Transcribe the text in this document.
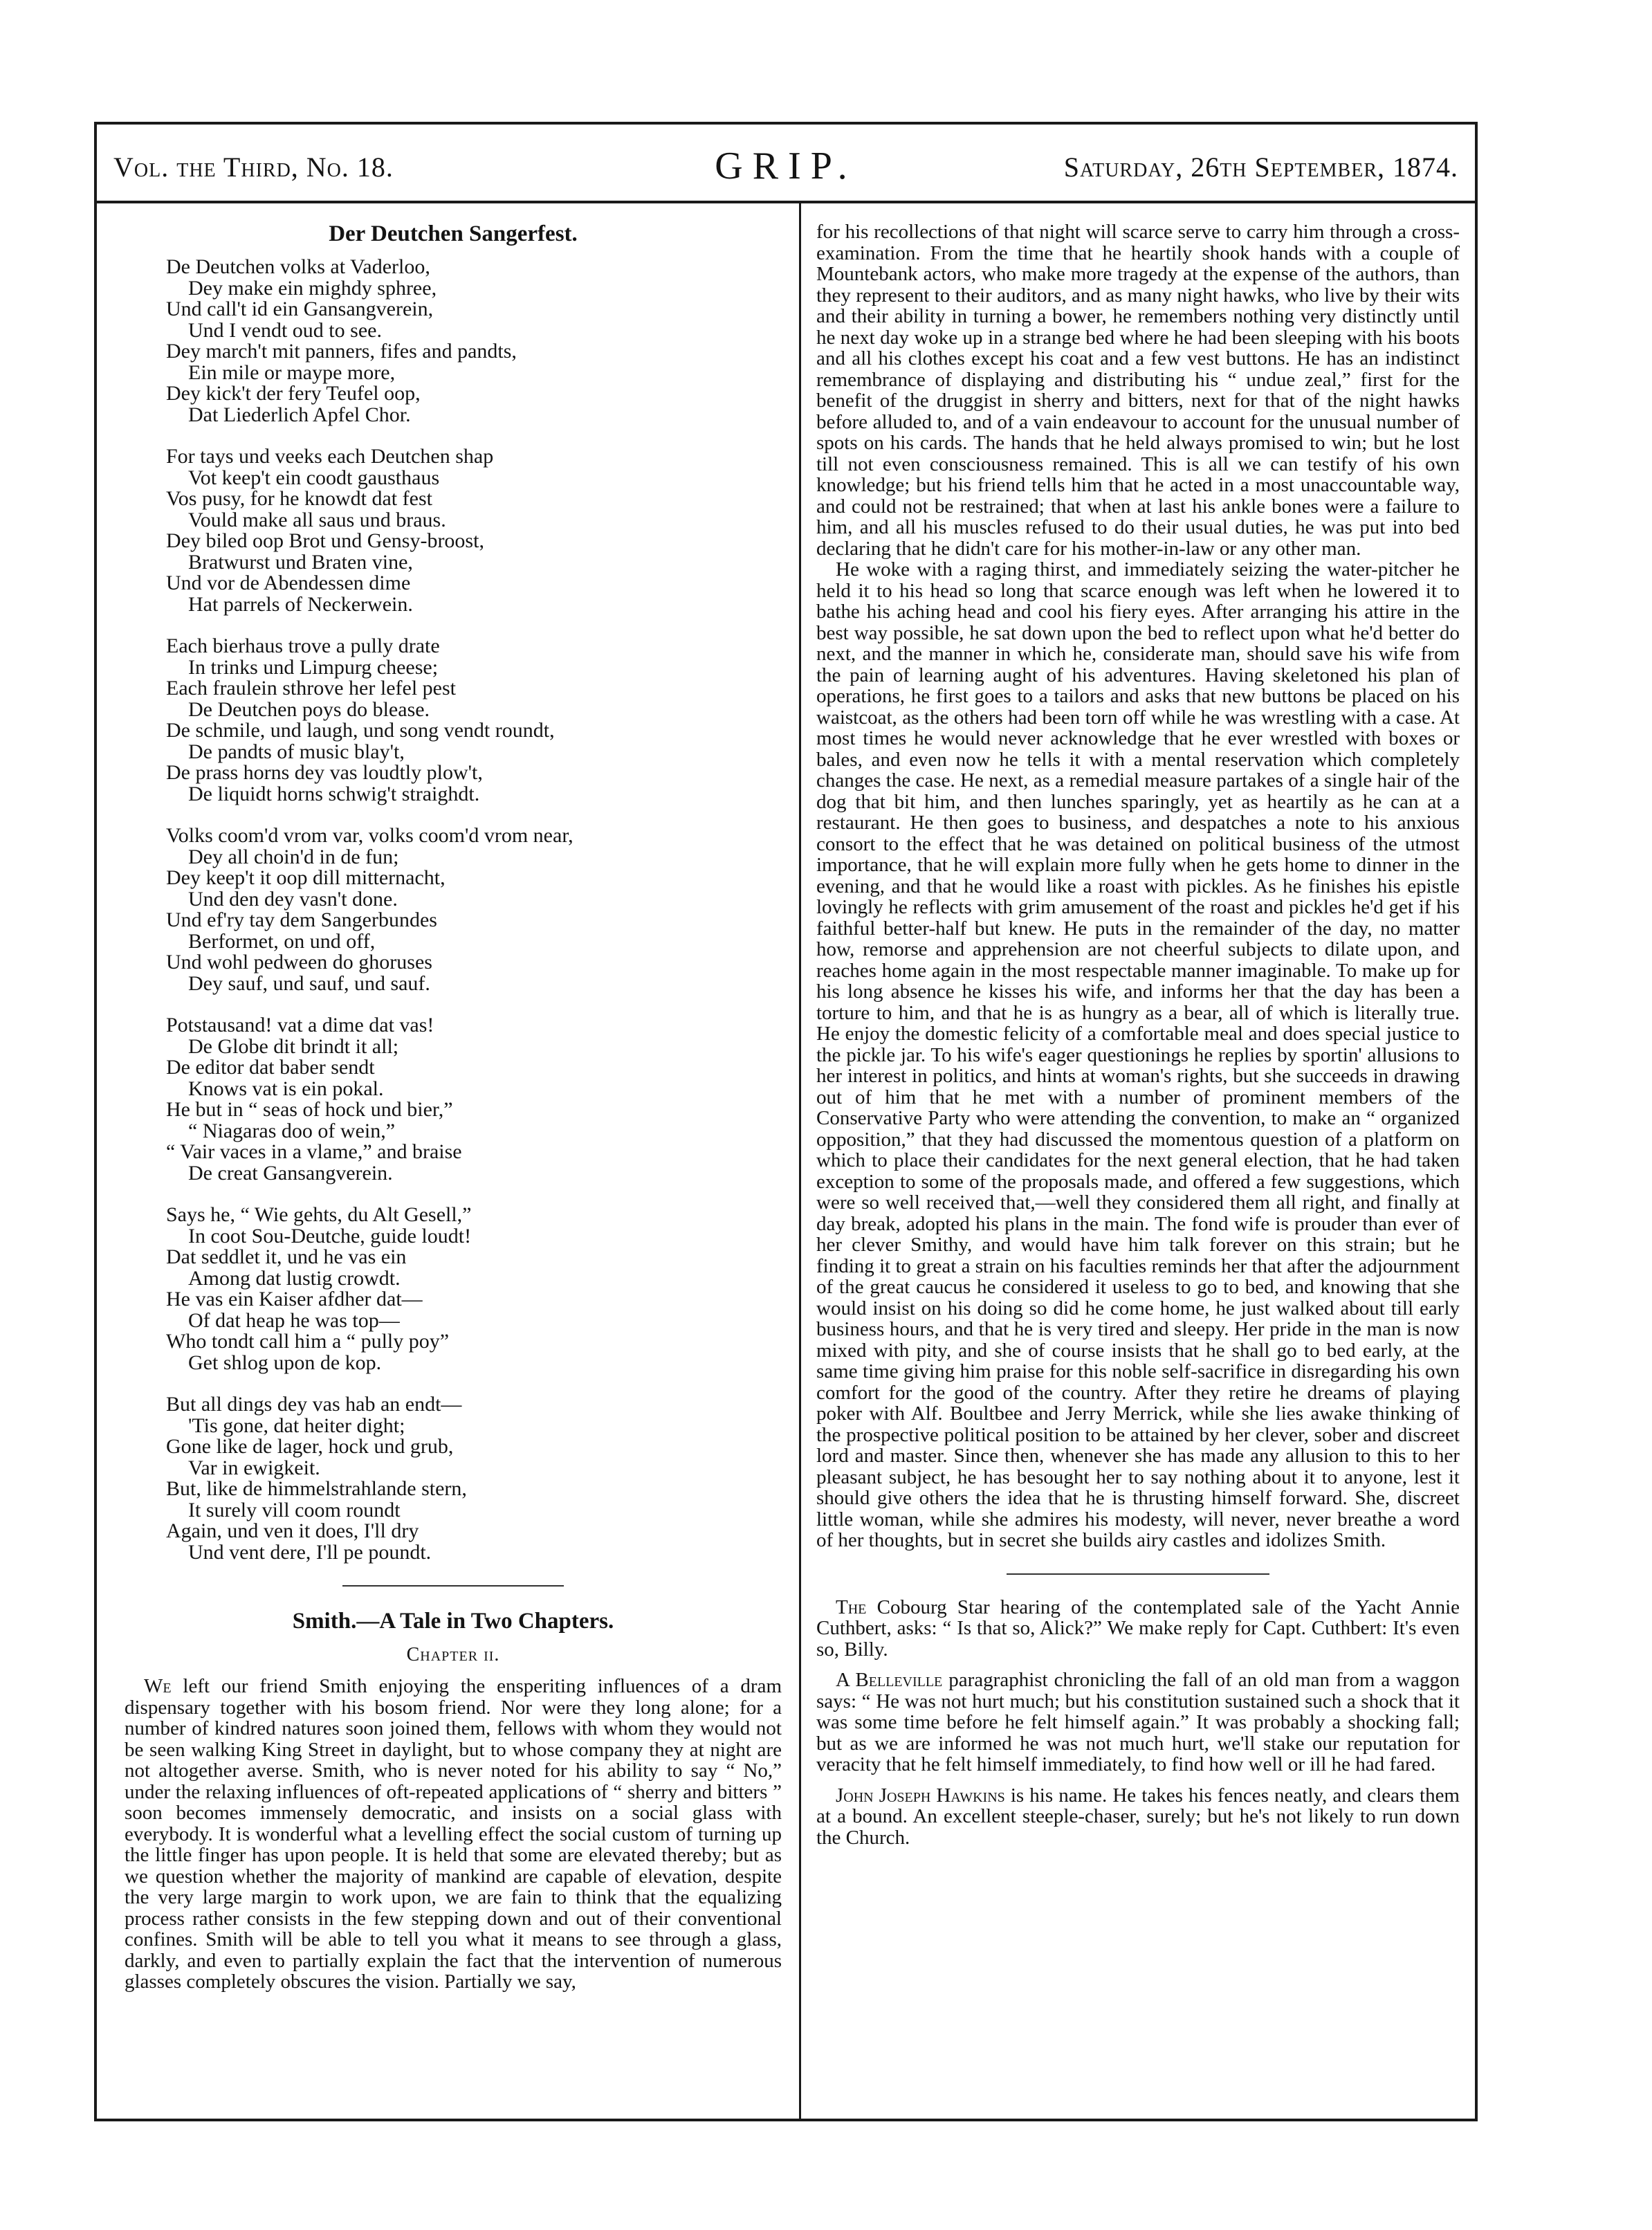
Vol. the Third, No. 18.	GRIP.	Saturday, 26th September, 1874.
Der Deutchen Sangerfest.
De Deutchen volks at Vaderloo,
Dey make ein mighdy sphree,
Und call't id ein Gansangverein,
Und I vendt oud to see.
Dey march't mit panners, fifes and pandts,
Ein mile or maype more,
Dey kick't der fery Teufel oop,
Dat Liederlich Apfel Chor.
For tays und veeks each Deutchen shap
Vot keep't ein coodt gausthaus
Vos pusy, for he knowdt dat fest
Vould make all saus und braus.
Dey biled oop Brot und Gensy-broost,
Bratwurst und Braten vine,
Und vor de Abendessen dime
Hat parrels of Neckerwein.
Each bierhaus trove a pully drate
In trinks und Limpurg cheese;
Each fraulein sthrove her lefel pest
De Deutchen poys do blease.
De schmile, und laugh, und song vendt roundt,
De pandts of music blay't,
De prass horns dey vas loudtly plow't,
De liquidt horns schwig't straighdt.
Volks coom'd vrom var, volks coom'd vrom near,
Dey all choin'd in de fun;
Dey keep't it oop dill mitternacht,
Und den dey vasn't done.
Und ef'ry tay dem Sangerbundes
Berformet, on und off,
Und wohl pedween do ghoruses
Dey sauf, und sauf, und sauf.
Potstausand! vat a dime dat vas!
De Globe dit brindt it all;
De editor dat baber sendt
Knows vat is ein pokal.
He but in “ seas of hock und bier,”
“ Niagaras doo of wein,”
“ Vair vaces in a vlame,” and braise
De creat Gansangverein.
Says he, “ Wie gehts, du Alt Gesell,”
In coot Sou-Deutche, guide loudt!
Dat seddlet it, und he vas ein
Among dat lustig crowdt.
He vas ein Kaiser afdher dat—
Of dat heap he was top—
Who tondt call him a “ pully poy”
Get shlog upon de kop.
But all dings dey vas hab an endt—
'Tis gone, dat heiter dight;
Gone like de lager, hock und grub,
Var in ewigkeit.
But, like de himmelstrahlande stern,
It surely vill coom roundt
Again, und ven it does, I'll dry
Und vent dere, I'll pe poundt.
Smith.—A Tale in Two Chapters.
Chapter ii.

We left our friend Smith enjoying the ensperiting influences of a dram dispensary together with his bosom friend. Nor were they long alone; for a number of kindred natures soon joined them, fellows with whom they would not be seen walking King Street in daylight, but to whose company they at night are not altogether averse. Smith, who is never noted for his ability to say “ No,” under the relaxing influences of oft-repeated applications of “ sherry and bitters ” soon becomes immensely democratic, and insists on a social glass with everybody. It is wonderful what a levelling effect the social custom of turning up the little finger has upon people. It is held that some are elevated thereby; but as we question whether the majority of mankind are capable of elevation, despite the very large margin to work upon, we are fain to think that the equalizing process rather consists in the few stepping down and out of their conventional confines. Smith will be able to tell you what it means to see through a glass, darkly, and even to partially explain the fact that the intervention of numerous glasses completely obscures the vision. Partially we say,

for his recollections of that night will scarce serve to carry him through a cross-examination. From the time that he heartily shook hands with a couple of Mountebank actors, who make more tragedy at the expense of the authors, than they represent to their auditors, and as many night hawks, who live by their wits and their ability in turning a bower, he remembers nothing very distinctly until he next day woke up in a strange bed where he had been sleeping with his boots and all his clothes except his coat and a few vest buttons. He has an indistinct remembrance of displaying and distributing his “ undue zeal,” first for the benefit of the druggist in sherry and bitters, next for that of the night hawks before alluded to, and of a vain endeavour to account for the unusual number of spots on his cards. The hands that he held always promised to win; but he lost till not even consciousness remained. This is all we can testify of his own knowledge; but his friend tells him that he acted in a most unaccountable way, and could not be restrained; that when at last his ankle bones were a failure to him, and all his muscles refused to do their usual duties, he was put into bed declaring that he didn't care for his mother-in-law or any other man.

He woke with a raging thirst, and immediately seizing the water-pitcher he held it to his head so long that scarce enough was left when he lowered it to bathe his aching head and cool his fiery eyes. After arranging his attire in the best way possible, he sat down upon the bed to reflect upon what he'd better do next, and the manner in which he, considerate man, should save his wife from the pain of learning aught of his adventures. Having skeletoned his plan of operations, he first goes to a tailors and asks that new buttons be placed on his waistcoat, as the others had been torn off while he was wrestling with a case. At most times he would never acknowledge that he ever wrestled with boxes or bales, and even now he tells it with a mental reservation which completely changes the case. He next, as a remedial measure partakes of a single hair of the dog that bit him, and then lunches sparingly, yet as heartily as he can at a restaurant. He then goes to business, and despatches a note to his anxious consort to the effect that he was detained on political business of the utmost importance, that he will explain more fully when he gets home to dinner in the evening, and that he would like a roast with pickles. As he finishes his epistle lovingly he reflects with grim amusement of the roast and pickles he'd get if his faithful better-half but knew. He puts in the remainder of the day, no matter how, remorse and apprehension are not cheerful subjects to dilate upon, and reaches home again in the most respectable manner imaginable. To make up for his long absence he kisses his wife, and informs her that the day has been a torture to him, and that he is as hungry as a bear, all of which is literally true. He enjoy the domestic felicity of a comfortable meal and does special justice to the pickle jar. To his wife's eager questionings he replies by sportin' allusions to her interest in politics, and hints at woman's rights, but she succeeds in drawing out of him that he met with a number of prominent members of the Conservative Party who were attending the convention, to make an “ organized opposition,” that they had discussed the momentous question of a platform on which to place their candidates for the next general election, that he had taken exception to some of the proposals made, and offered a few suggestions, which were so well received that,—well they considered them all right, and finally at day break, adopted his plans in the main. The fond wife is prouder than ever of her clever Smithy, and would have him talk forever on this strain; but he finding it to great a strain on his faculties reminds her that after the adjournment of the great caucus he considered it useless to go to bed, and knowing that she would insist on his doing so did he come home, he just walked about till early business hours, and that he is very tired and sleepy. Her pride in the man is now mixed with pity, and she of course insists that he shall go to bed early, at the same time giving him praise for this noble self-sacrifice in disregarding his own comfort for the good of the country. After they retire he dreams of playing poker with Alf. Boultbee and Jerry Merrick, while she lies awake thinking of the prospective political position to be attained by her clever, sober and discreet lord and master. Since then, whenever she has made any allusion to this to her pleasant subject, he has besought her to say nothing about it to anyone, lest it should give others the idea that he is thrusting himself forward. She, discreet little woman, while she admires his modesty, will never, never breathe a word of her thoughts, but in secret she builds airy castles and idolizes Smith.

The Cobourg Star hearing of the contemplated sale of the Yacht Annie Cuthbert, asks: “ Is that so, Alick?” We make reply for Capt. Cuthbert: It's even so, Billy.

A Belleville paragraphist chronicling the fall of an old man from a waggon says: “ He was not hurt much; but his constitution sustained such a shock that it was some time before he felt himself again.” It was probably a shocking fall; but as we are informed he was not much hurt, we'll stake our reputation for veracity that he felt himself immediately, to find how well or ill he had fared.

John Joseph Hawkins is his name. He takes his fences neatly, and clears them at a bound. An excellent steeple-chaser, surely; but he's not likely to run down the Church.
